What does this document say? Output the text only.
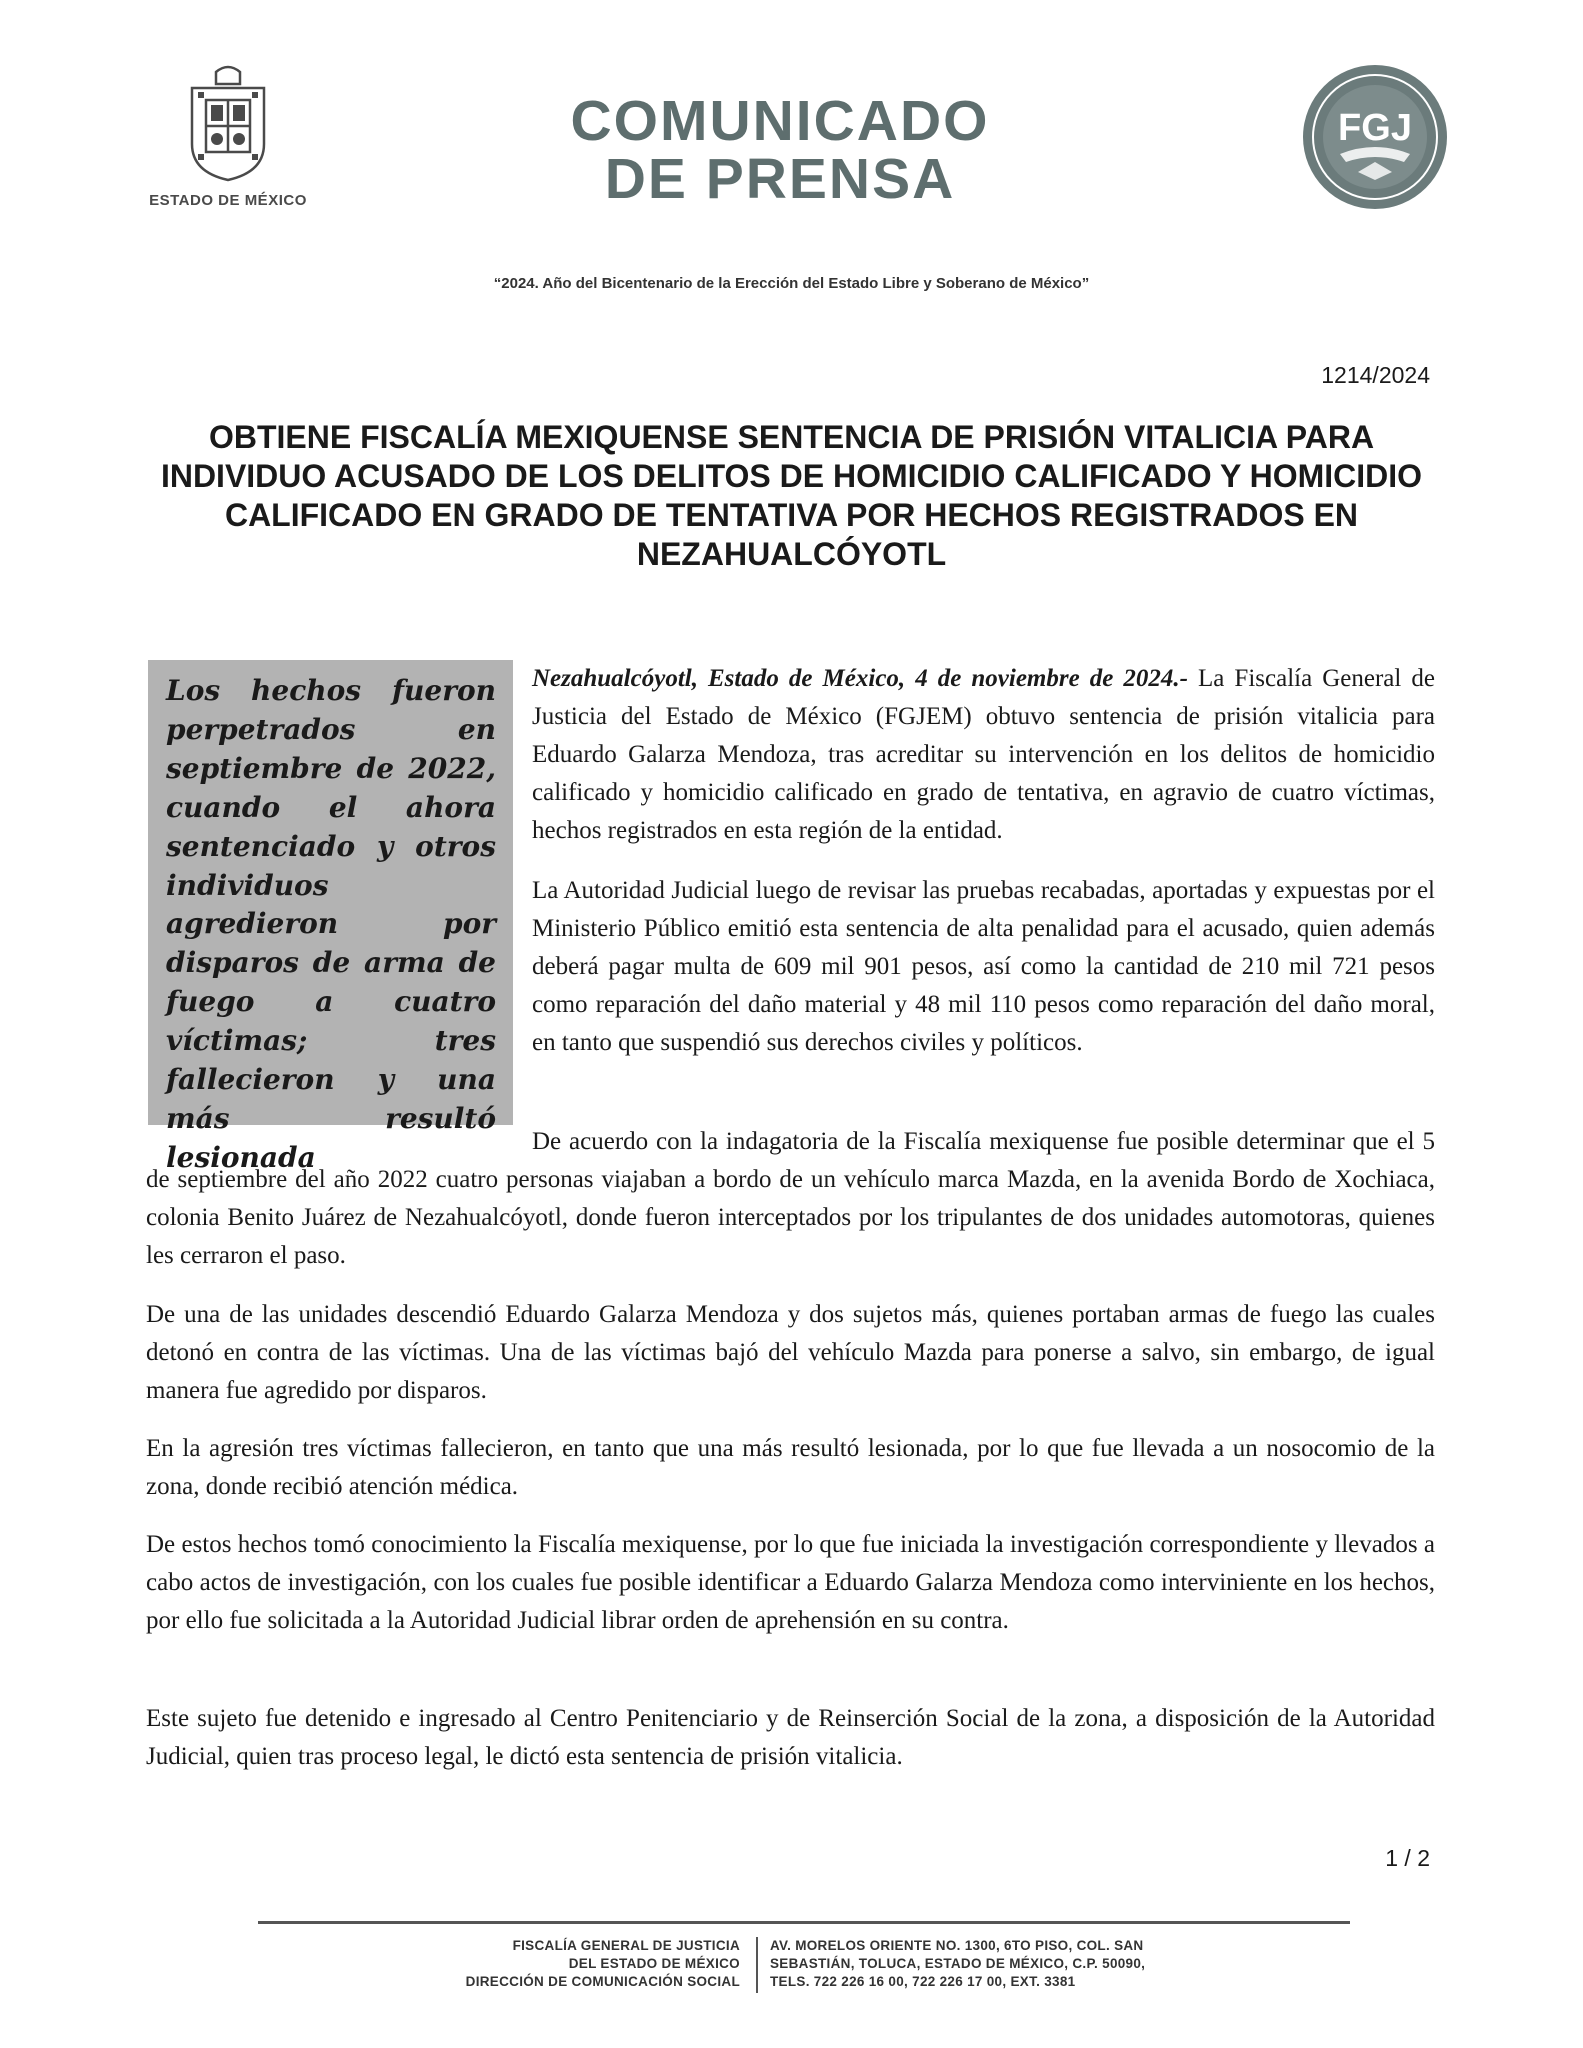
ESTADO DE MÉXICO
COMUNICADO
DE PRENSA
FGJ
“2024. Año del Bicentenario de la Erección del Estado Libre y Soberano de México”
1214/2024
OBTIENE FISCALÍA MEXIQUENSE SENTENCIA DE PRISIÓN VITALICIA PARA INDIVIDUO ACUSADO DE LOS DELITOS DE HOMICIDIO CALIFICADO Y HOMICIDIO CALIFICADO EN GRADO DE TENTATIVA POR HECHOS REGISTRADOS EN NEZAHUALCÓYOTL

Los hechos fueron perpetrados en septiembre de 2022, cuando el ahora sentenciado y otros individuos agredieron por disparos de arma de fuego a cuatro víctimas; tres fallecieron y una más resultó lesionada

Nezahualcóyotl, Estado de México, 4 de noviembre de 2024.- La Fiscalía General de Justicia del Estado de México (FGJEM) obtuvo sentencia de prisión vitalicia para Eduardo Galarza Mendoza, tras acreditar su intervención en los delitos de homicidio calificado y homicidio calificado en grado de tentativa, en agravio de cuatro víctimas, hechos registrados en esta región de la entidad.

La Autoridad Judicial luego de revisar las pruebas recabadas, aportadas y expuestas por el Ministerio Público emitió esta sentencia de alta penalidad para el acusado, quien además deberá pagar multa de 609 mil 901 pesos, así como la cantidad de 210 mil 721 pesos como reparación del daño material y 48 mil 110 pesos como reparación del daño moral, en tanto que suspendió sus derechos civiles y políticos.

De acuerdo con la indagatoria de la Fiscalía mexiquense fue posible determinar que el 5 de septiembre del año 2022 cuatro personas viajaban a bordo de un vehículo marca Mazda, en la avenida Bordo de Xochiaca, colonia Benito Juárez de Nezahualcóyotl, donde fueron interceptados por los tripulantes de dos unidades automotoras, quienes les cerraron el paso.

De una de las unidades descendió Eduardo Galarza Mendoza y dos sujetos más, quienes portaban armas de fuego las cuales detonó en contra de las víctimas. Una de las víctimas bajó del vehículo Mazda para ponerse a salvo, sin embargo, de igual manera fue agredido por disparos.

En la agresión tres víctimas fallecieron, en tanto que una más resultó lesionada, por lo que fue llevada a un nosocomio de la zona, donde recibió atención médica.

De estos hechos tomó conocimiento la Fiscalía mexiquense, por lo que fue iniciada la investigación correspondiente y llevados a cabo actos de investigación, con los cuales fue posible identificar a Eduardo Galarza Mendoza como interviniente en los hechos, por ello fue solicitada a la Autoridad Judicial librar orden de aprehensión en su contra.

Este sujeto fue detenido e ingresado al Centro Penitenciario y de Reinserción Social de la zona, a disposición de la Autoridad Judicial, quien tras proceso legal, le dictó esta sentencia de prisión vitalicia.

1 / 2
FISCALÍA GENERAL DE JUSTICIA
DEL ESTADO DE MÉXICO
DIRECCIÓN DE COMUNICACIÓN SOCIAL
AV. MORELOS ORIENTE NO. 1300, 6TO PISO, COL. SAN
SEBASTIÁN, TOLUCA, ESTADO DE MÉXICO, C.P. 50090,
TELS. 722 226 16 00, 722 226 17 00, EXT. 3381
